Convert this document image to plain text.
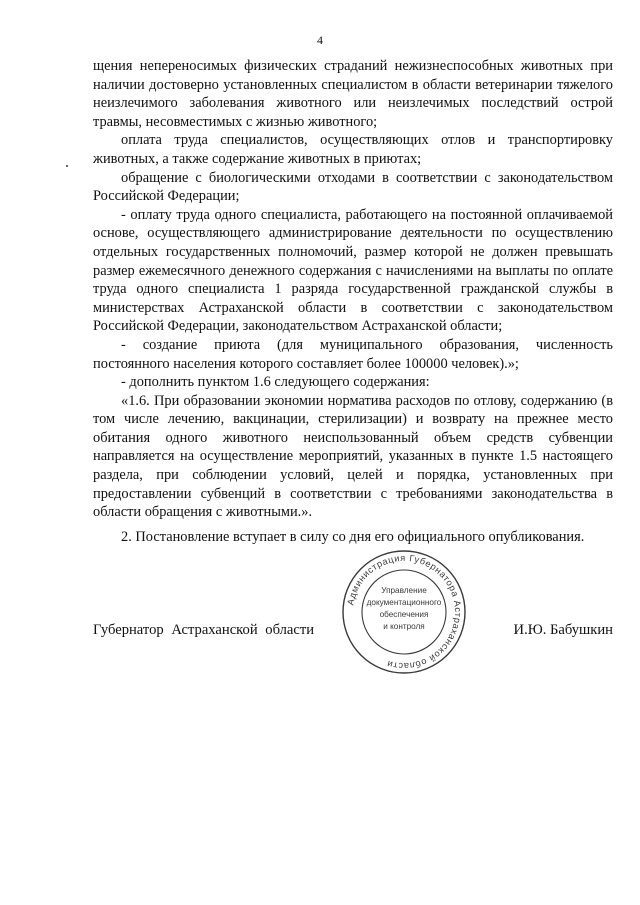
4

щения непереносимых физических страданий нежизнеспособных животных при наличии достоверно установленных специалистом в области ветеринарии тяжелого неизлечимого заболевания животного или неизлечимых последствий острой травмы, несовместимых с жизнью животного;

оплата труда специалистов, осуществляющих отлов и транспортировку животных, а также содержание животных в приютах;

обращение с биологическими отходами в соответствии с законодательством Российской Федерации;

- оплату труда одного специалиста, работающего на постоянной оплачиваемой основе, осуществляющего администрирование деятельности по осуществлению отдельных государственных полномочий, размер которой не должен превышать размер ежемесячного денежного содержания с начислениями на выплаты по оплате труда одного специалиста 1 разряда государственной гражданской службы в министерствах Астраханской области в соответствии с законодательством Российской Федерации, законодательством Астраханской области;

- создание приюта (для муниципального образования, численность постоянного населения которого составляет более 100000 человек).»;

- дополнить пунктом 1.6 следующего содержания:

«1.6. При образовании экономии норматива расходов по отлову, содержанию (в том числе лечению, вакцинации, стерилизации) и возврату на прежнее место обитания одного животного неиспользованный объем средств субвенции направляется на осуществление мероприятий, указанных в пункте 1.5 настоящего раздела, при соблюдении условий, целей и порядка, установленных при предоставлении субвенций в соответствии с требованиями законодательства в области обращения с животными.».

2. Постановление вступает в силу со дня его официального опубликования.

Губернатор Астраханской области	И.Ю. Бабушкин
Администрация Губернатора Астраханской области
Управление
документационного
обеспечения
и контроля
